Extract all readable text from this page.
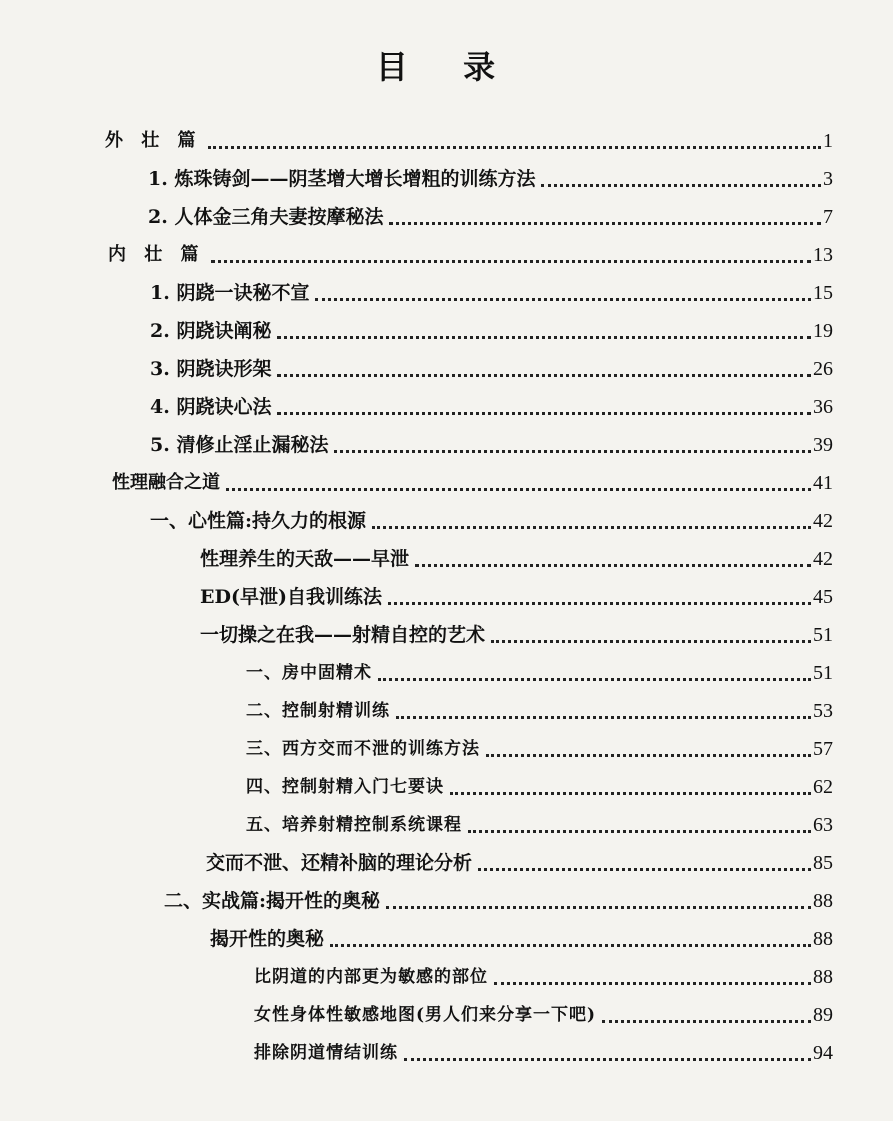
目 录
外 壮 篇	1
1. 炼珠铸剑——阴茎增大增长增粗的训练方法	3
2. 人体金三角夫妻按摩秘法	7
内 壮 篇	13
1. 阴跷一诀秘不宣	15
2. 阴跷诀阐秘	19
3. 阴跷诀形架	26
4. 阴跷诀心法	36
5. 清修止淫止漏秘法	39
性理融合之道	41
一、心性篇:持久力的根源	42
性理养生的天敌——早泄	42
ED(早泄)自我训练法	45
一切操之在我——射精自控的艺术	51
一、房中固精术	51
二、控制射精训练	53
三、西方交而不泄的训练方法	57
四、控制射精入门七要诀	62
五、培养射精控制系统课程	63
交而不泄、还精补脑的理论分析	85
二、实战篇:揭开性的奥秘	88
揭开性的奥秘	88
比阴道的内部更为敏感的部位	88
女性身体性敏感地图(男人们来分享一下吧)	89
排除阴道情结训练	94
